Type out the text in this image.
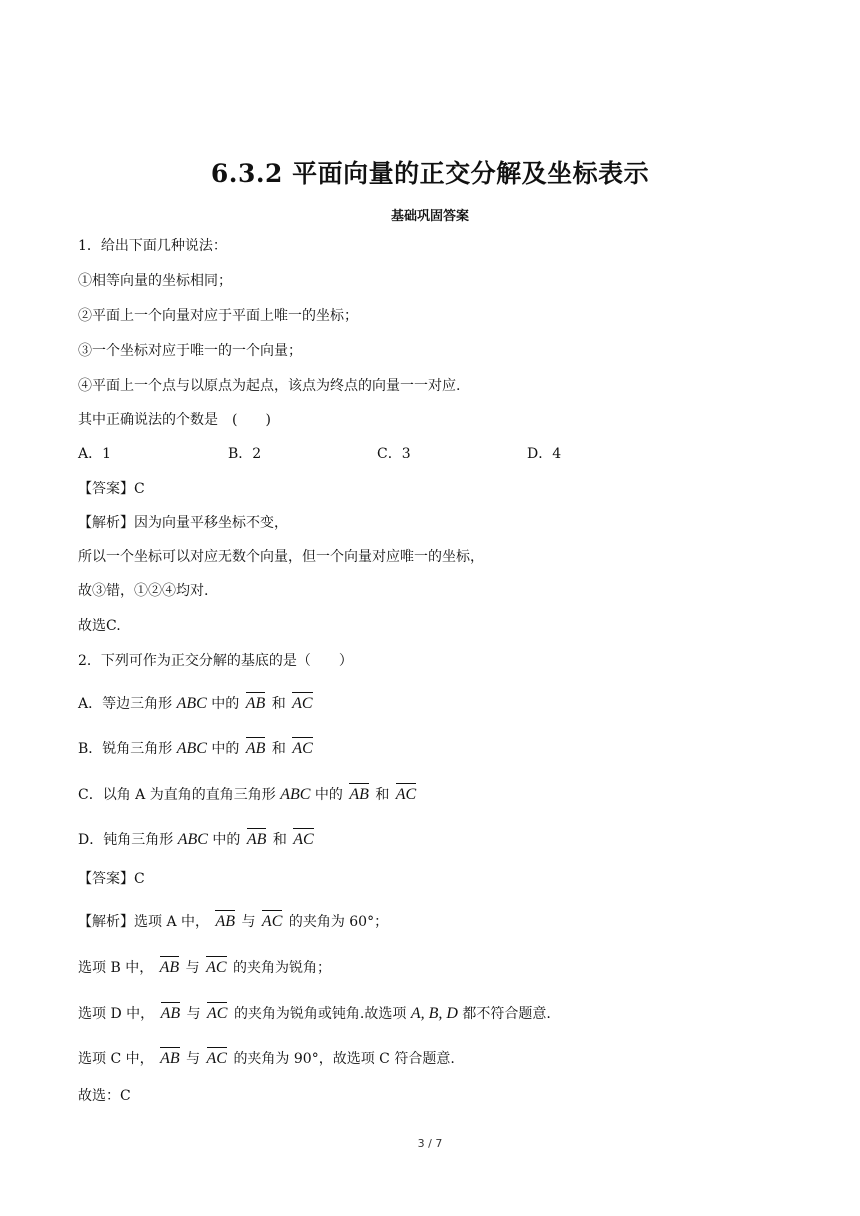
6.3.2 平面向量的正交分解及坐标表示
基础巩固答案
1．给出下面几种说法：
①相等向量的坐标相同；
②平面上一个向量对应于平面上唯一的坐标；
③一个坐标对应于唯一的一个向量；
④平面上一个点与以原点为起点，该点为终点的向量一一对应.
其中正确说法的个数是　(　　)
A．1	B．2	C．3	D．4
【答案】C
【解析】因为向量平移坐标不变，
所以一个坐标可以对应无数个向量，但一个向量对应唯一的坐标，
故③错，①②④均对.
故选C.
2．下列可作为正交分解的基底的是（　　）
A．等边三角形 ABC 中的 AB 和 AC
B．锐角三角形 ABC 中的 AB 和 AC
C．以角 A 为直角的直角三角形 ABC 中的 AB 和 AC
D．钝角三角形 ABC 中的 AB 和 AC
【答案】C
【解析】选项 A 中， AB 与 AC 的夹角为 60°；
选项 B 中， AB 与 AC 的夹角为锐角；
选项 D 中， AB 与 AC 的夹角为锐角或钝角.故选项 A, B, D 都不符合题意.
选项 C 中， AB 与 AC 的夹角为 90°，故选项 C 符合题意.
故选：C
3 / 7
